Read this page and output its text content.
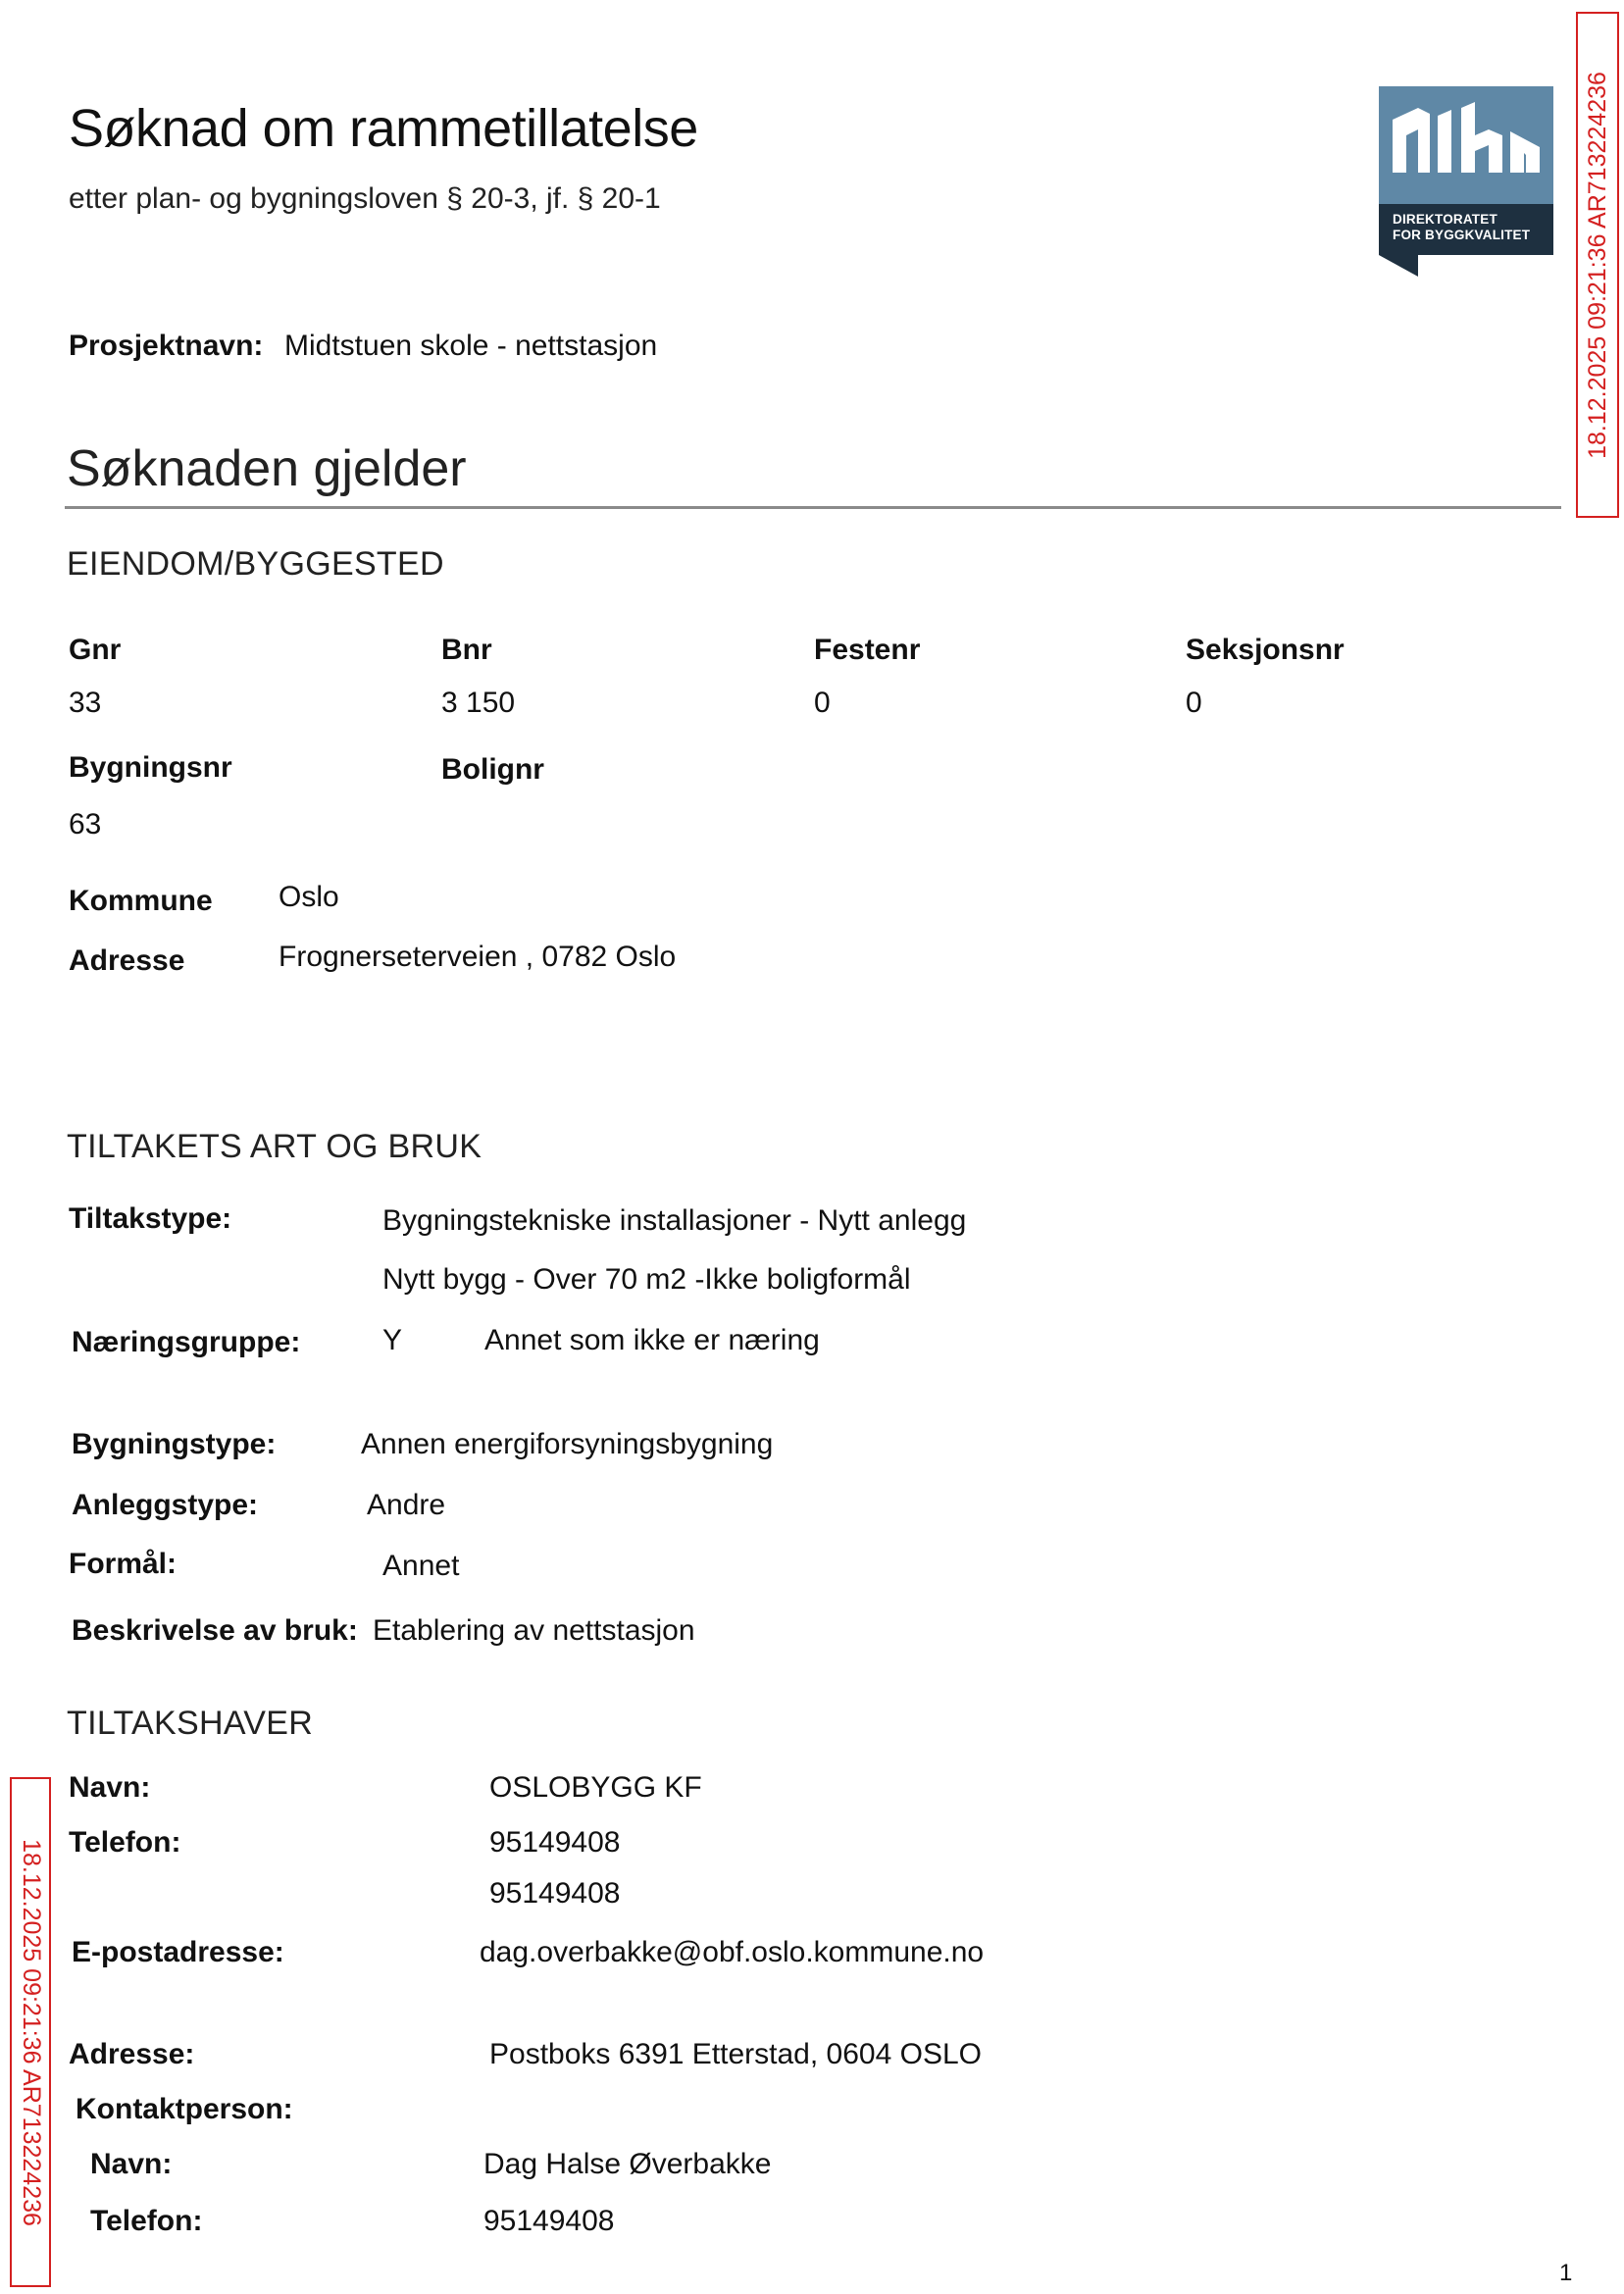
Søknad om rammetillatelse
etter plan- og bygningsloven § 20-3, jf. § 20-1
DIREKTORATET
FOR BYGGKVALITET 18.12.2025 09:21:36 AR713224236
Prosjektnavn: Midtstuen skole - nettstasjon
Søknaden gjelder
EIENDOM/BYGGESTED
Gnr	Bnr	Festenr	Seksjonsnr
33	3 150	0	0
Bygningsnr	Bolignr
63
Kommune Oslo
Adresse	Frognerseterveien , 0782 Oslo
TILTAKETS ART OG BRUK
Tiltakstype:	Bygningstekniske installasjoner - Nytt anlegg
Nytt bygg - Over 70 m2 -Ikke boligformål
Næringsgruppe:	Y	Annet som ikke er næring
Bygningstype:	Annen energiforsyningsbygning
Anleggstype:	Andre
Formål:	Annet
Beskrivelse av bruk: Etablering av nettstasjon
TILTAKSHAVER
Navn:	OSLOBYGG KF
Telefon:	95149408
95149408
E-postadresse:	dag.overbakke@obf.oslo.kommune.no
Adresse:	Postboks 6391 Etterstad, 0604 OSLO
Kontaktperson:
Navn:	Dag Halse Øverbakke
Telefon:	95149408
18.12.2025 09:21:36 AR713224236
1
